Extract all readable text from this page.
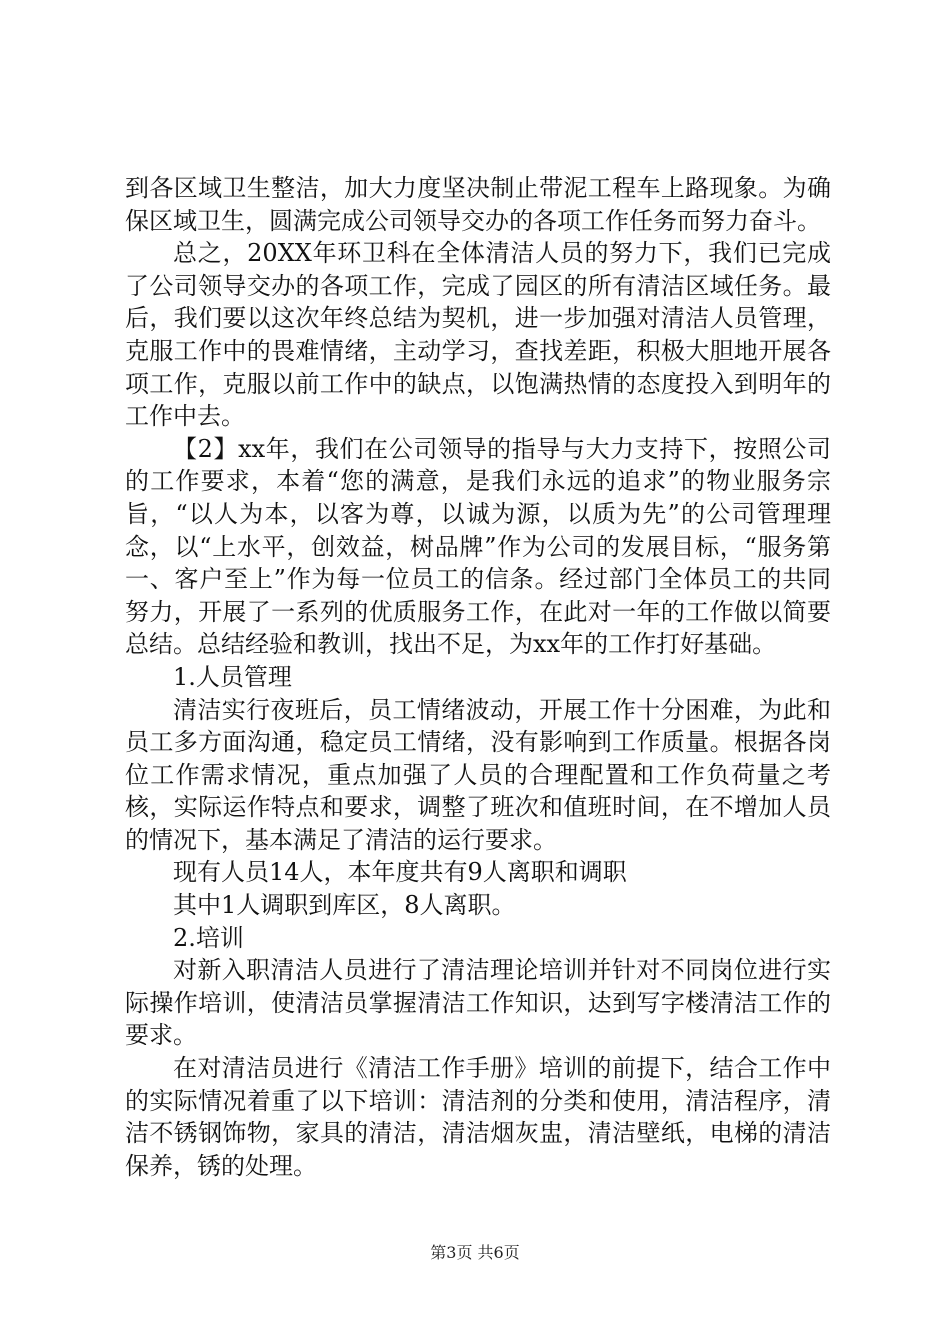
到各区域卫生整洁，加大力度坚决制止带泥工程车上路现象。为确保区域卫生，圆满完成公司领导交办的各项工作任务而努力奋斗。

总之，20XX年环卫科在全体清洁人员的努力下，我们已完成了公司领导交办的各项工作，完成了园区的所有清洁区域任务。最后，我们要以这次年终总结为契机，进一步加强对清洁人员管理，克服工作中的畏难情绪，主动学习，查找差距，积极大胆地开展各项工作，克服以前工作中的缺点，以饱满热情的态度投入到明年的工作中去。

【2】xx年，我们在公司领导的指导与大力支持下，按照公司的工作要求，本着“您的满意，是我们永远的追求”的物业服务宗旨，“以人为本，以客为尊，以诚为源，以质为先”的公司管理理念，以“上水平，创效益，树品牌”作为公司的发展目标，“服务第一、客户至上”作为每一位员工的信条。经过部门全体员工的共同努力，开展了一系列的优质服务工作，在此对一年的工作做以简要总结。总结经验和教训，找出不足，为xx年的工作打好基础。

1.人员管理

清洁实行夜班后，员工情绪波动，开展工作十分困难，为此和员工多方面沟通，稳定员工情绪，没有影响到工作质量。根据各岗位工作需求情况，重点加强了人员的合理配置和工作负荷量之考核，实际运作特点和要求，调整了班次和值班时间，在不增加人员的情况下，基本满足了清洁的运行要求。

现有人员14人，本年度共有9人离职和调职

其中1人调职到库区，8人离职。

2.培训

对新入职清洁人员进行了清洁理论培训并针对不同岗位进行实际操作培训，使清洁员掌握清洁工作知识，达到写字楼清洁工作的要求。

在对清洁员进行《清洁工作手册》培训的前提下，结合工作中的实际情况着重了以下培训：清洁剂的分类和使用，清洁程序，清洁不锈钢饰物，家具的清洁，清洁烟灰盅，清洁壁纸，电梯的清洁保养，锈的处理。

第3页 共6页
